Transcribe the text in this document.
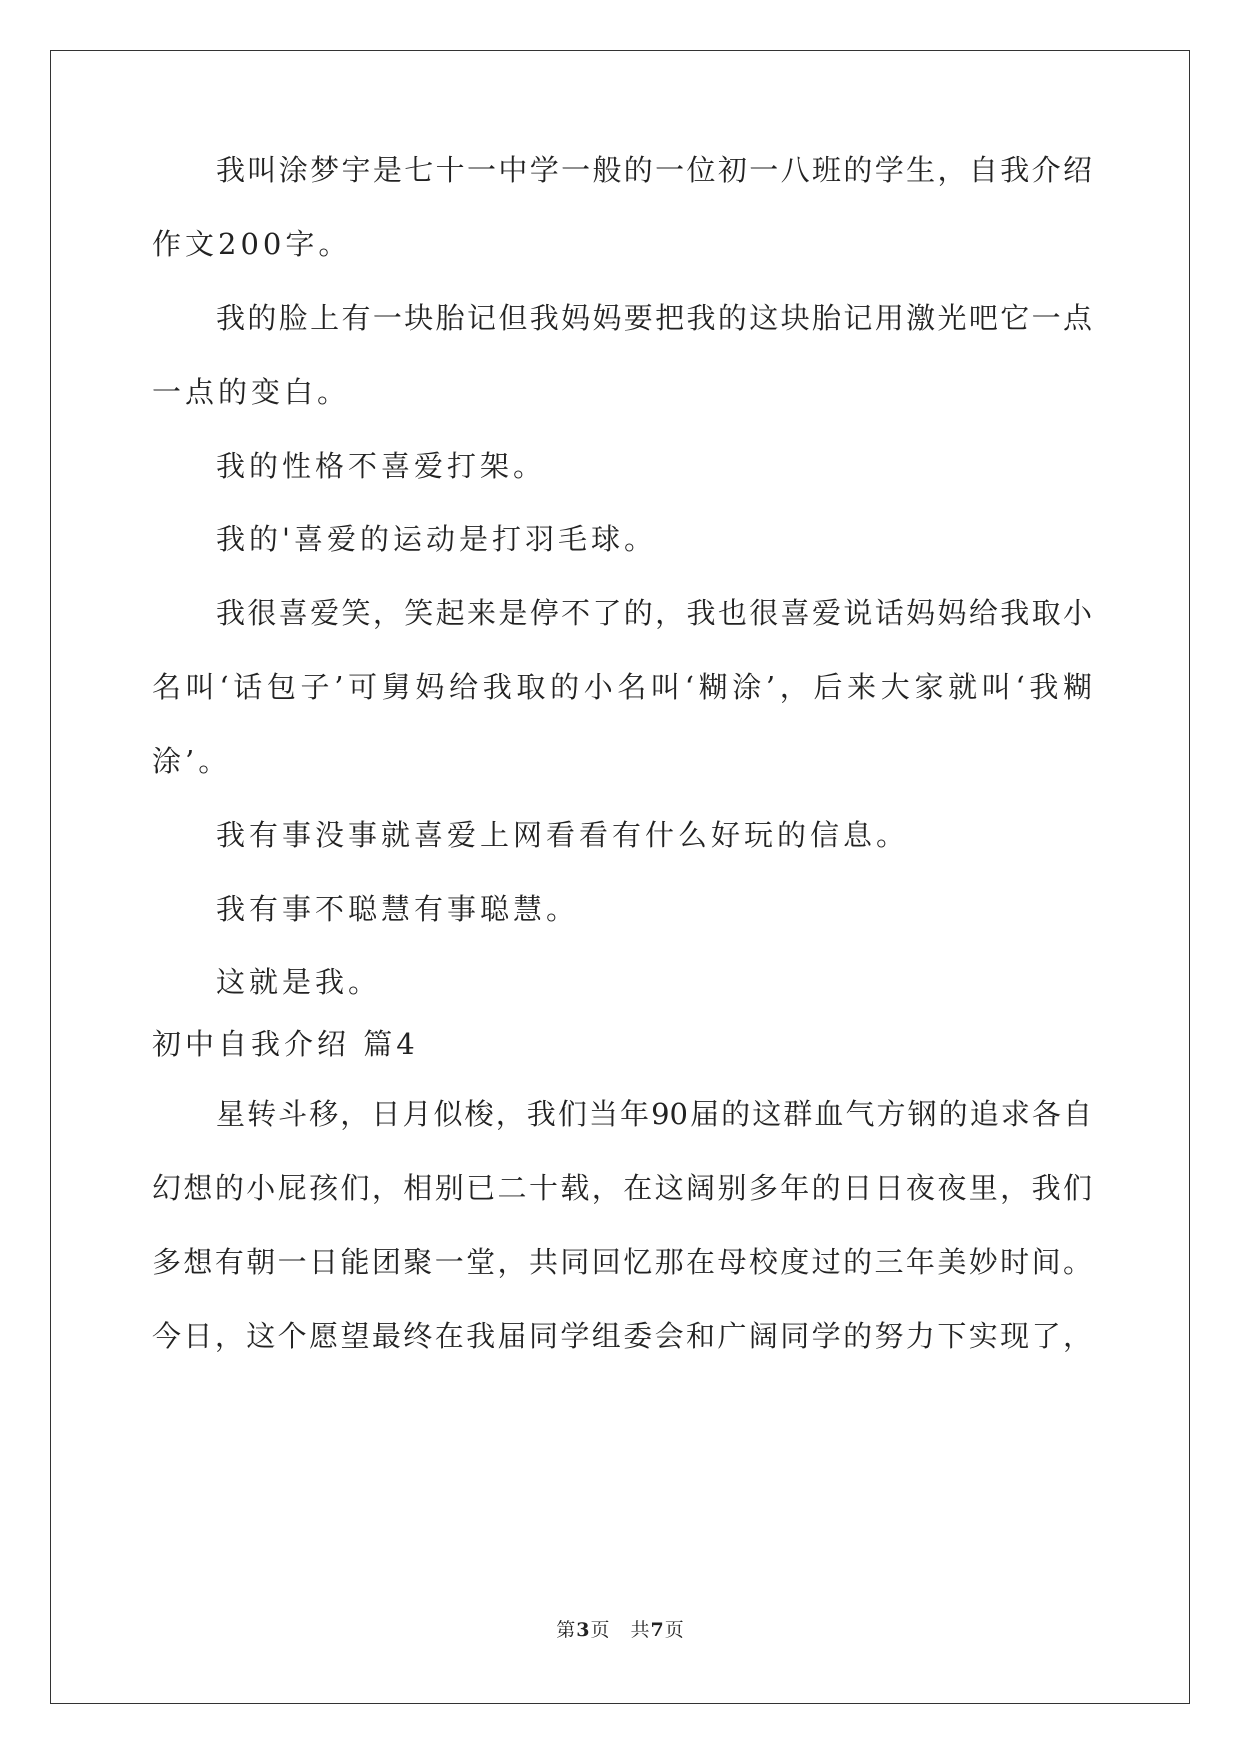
我叫涂梦宇是七十一中学一般的一位初一八班的学生，自我介绍
作文200字。
我的脸上有一块胎记但我妈妈要把我的这块胎记用激光吧它一点
一点的变白。
我的性格不喜爱打架。
我的'喜爱的运动是打羽毛球。
我很喜爱笑，笑起来是停不了的，我也很喜爱说话妈妈给我取小
名叫‘话包子’可舅妈给我取的小名叫‘糊涂’，后来大家就叫‘我糊
涂’。
我有事没事就喜爱上网看看有什么好玩的信息。
我有事不聪慧有事聪慧。
这就是我。
初中自我介绍 篇4
星转斗移，日月似梭，我们当年90届的这群血气方钢的追求各自
幻想的小屁孩们，相别已二十载，在这阔别多年的日日夜夜里，我们
多想有朝一日能团聚一堂，共同回忆那在母校度过的三年美妙时间。
今日，这个愿望最终在我届同学组委会和广阔同学的努力下实现了，
第3页　共7页
